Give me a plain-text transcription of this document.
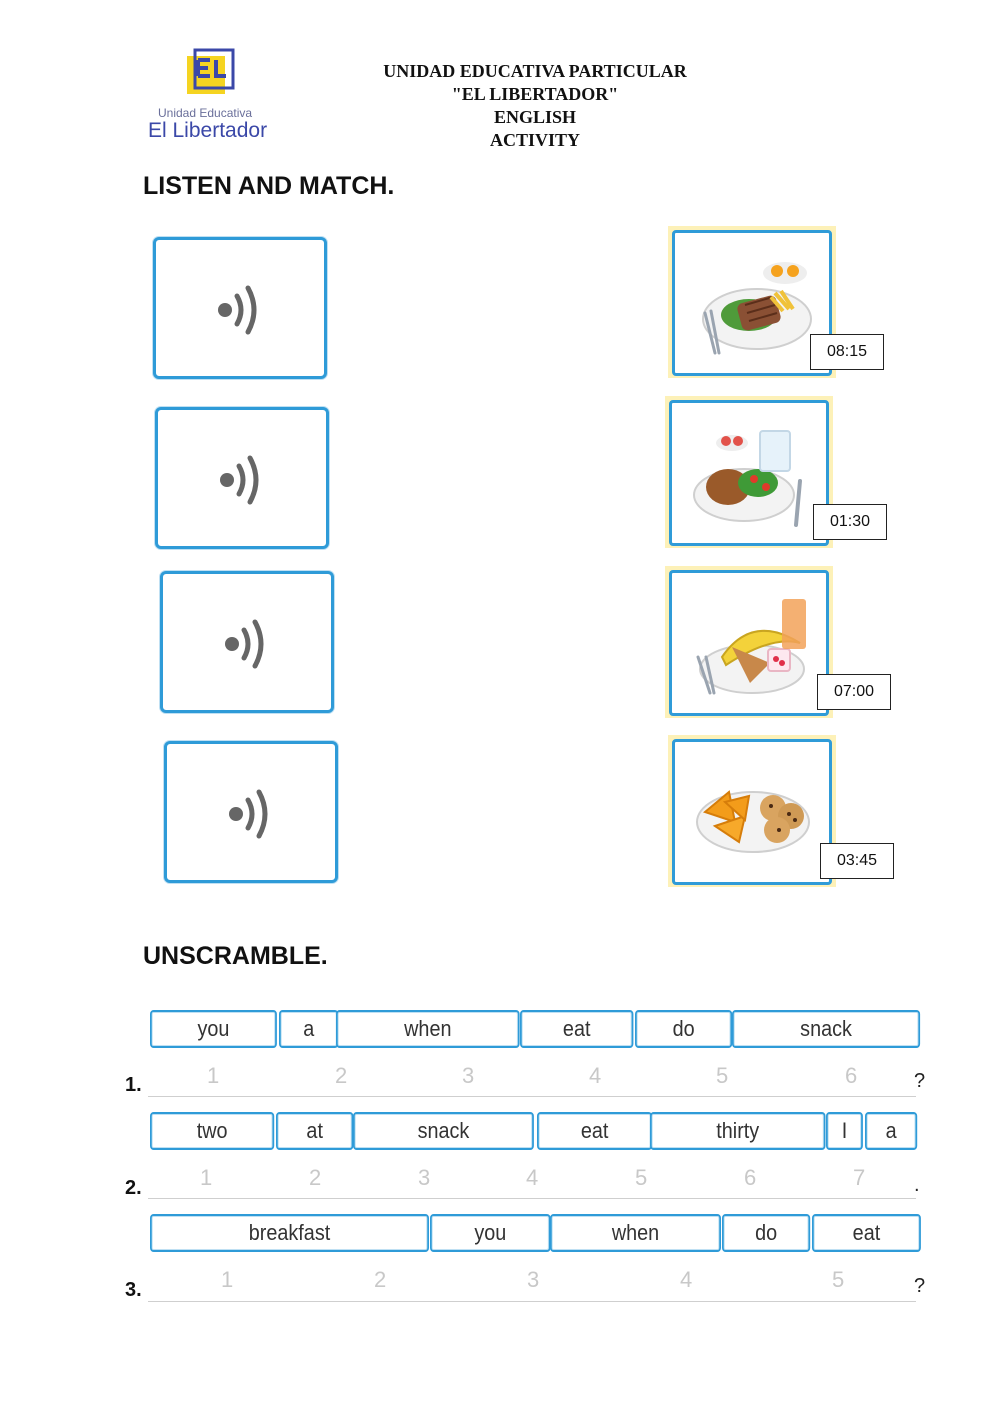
Unidad Educativa
El Libertador
UNIDAD EDUCATIVA PARTICULAR
"EL LIBERTADOR"
ENGLISH
ACTIVITY
LISTEN AND MATCH.
08:15
01:30
07:00
03:45
UNSCRAMBLE.
you	a	when	eat	do	snack
1	2	3	4	5	6
1.	?
two	at	snack	eat	thirty	I	a
1	2	3	4	5	6	7
2.	.
breakfast	you	when	do	eat
1	2	3	4	5
3.	?
